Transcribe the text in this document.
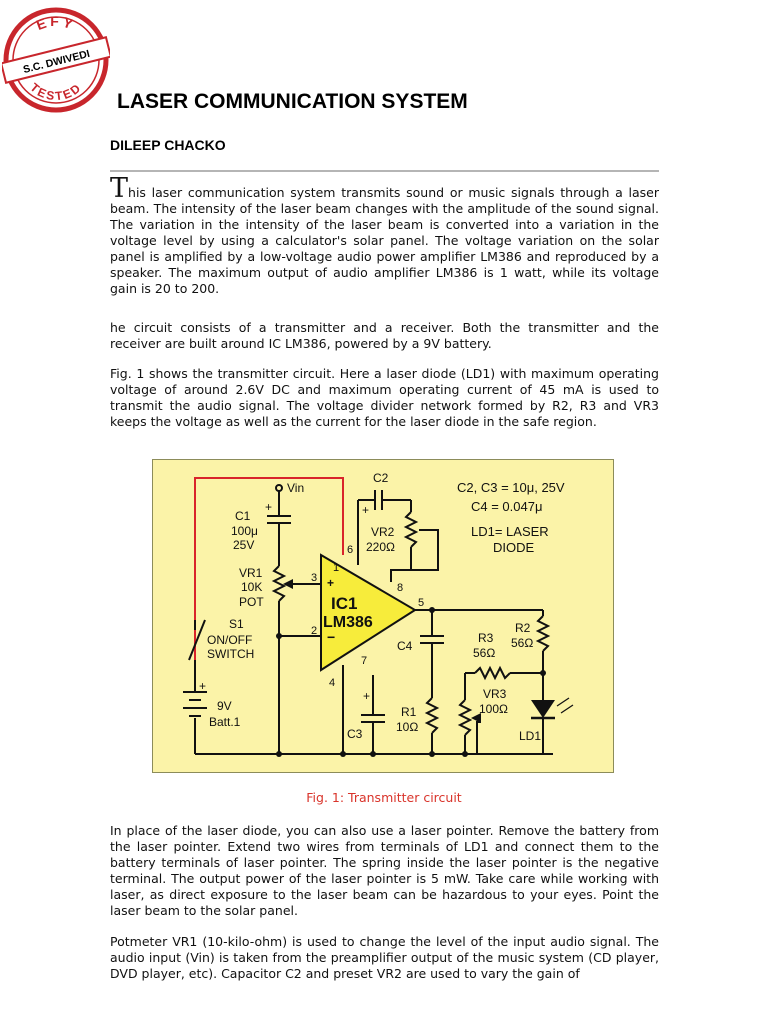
EFY
S.C. DWIVEDI
TESTED
LASER COMMUNICATION SYSTEM
DILEEP CHACKO

This laser communication system transmits sound or music signals through a laser beam. The intensity of the laser beam changes with the amplitude of the sound signal. The variation in the intensity of the laser beam is converted into a variation in the voltage level by using a calculator's solar panel. The voltage variation on the solar panel is amplified by a low-voltage audio power amplifier LM386 and reproduced by a speaker. The maximum output of audio amplifier LM386 is 1 watt, while its voltage gain is 20 to 200.

he circuit consists of a transmitter and a receiver. Both the transmitter and the receiver are built around IC LM386, powered by a 9V battery.

Fig. 1 shows the transmitter circuit. Here a laser diode (LD1) with maximum operating voltage of around 2.6V DC and maximum operating current of 45 mA is used to transmit the audio signal. The voltage divider network formed by R2, R3 and VR3 keeps the voltage as well as the current for the laser diode in the safe region.

+
−
IC1
LM386
Vin
C1
+
100μ
25V
VR1
10K
POT
S1
ON/OFF
SWITCH
+
9V
Batt.1
C2
+
VR2
220Ω
6
1
3
2
8
5
7
4
C4
+
C3
R1
10Ω
R3
56Ω
R2
56Ω
VR3
100Ω
LD1
C2, C3 = 10μ, 25V
C4 = 0.047μ
LD1= LASER
DIODE
Fig. 1: Transmitter circuit

In place of the laser diode, you can also use a laser pointer. Remove the battery from the laser pointer. Extend two wires from terminals of LD1 and connect them to the battery terminals of laser pointer. The spring inside the laser pointer is the negative terminal. The output power of the laser pointer is 5 mW. Take care while working with laser, as direct exposure to the laser beam can be hazardous to your eyes. Point the laser beam to the solar panel.

Potmeter VR1 (10-kilo-ohm) is used to change the level of the input audio signal. The audio input (Vin) is taken from the preamplifier output of the music system (CD player, DVD player, etc). Capacitor C2 and preset VR2 are used to vary the gain of
